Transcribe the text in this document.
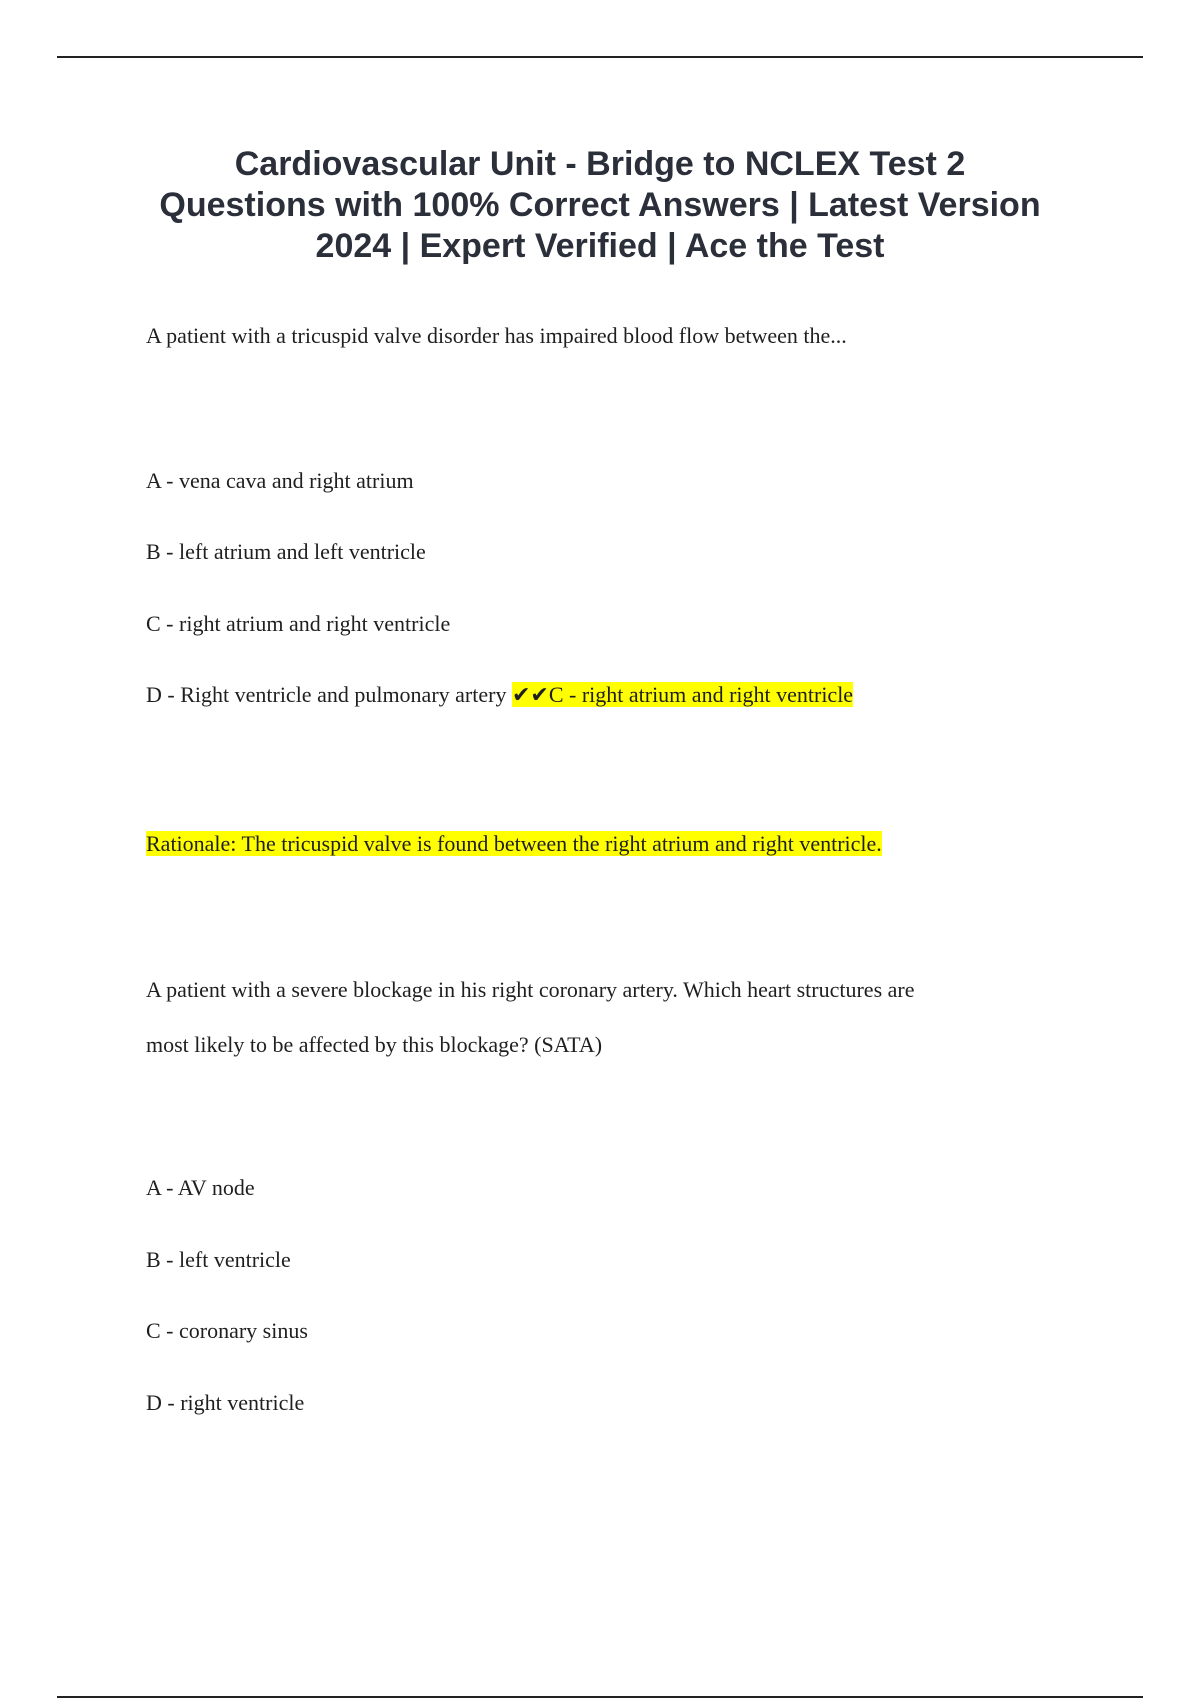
Cardiovascular Unit - Bridge to NCLEX Test 2 Questions with 100% Correct Answers | Latest Version 2024 | Expert Verified | Ace the Test

A patient with a tricuspid valve disorder has impaired blood flow between the...

A - vena cava and right atrium

B - left atrium and left ventricle

C - right atrium and right ventricle

D - Right ventricle and pulmonary artery ✔✔C - right atrium and right ventricle

Rationale: The tricuspid valve is found between the right atrium and right ventricle.

A patient with a severe blockage in his right coronary artery. Which heart structures are

most likely to be affected by this blockage? (SATA)

A - AV node

B - left ventricle

C - coronary sinus

D - right ventricle
